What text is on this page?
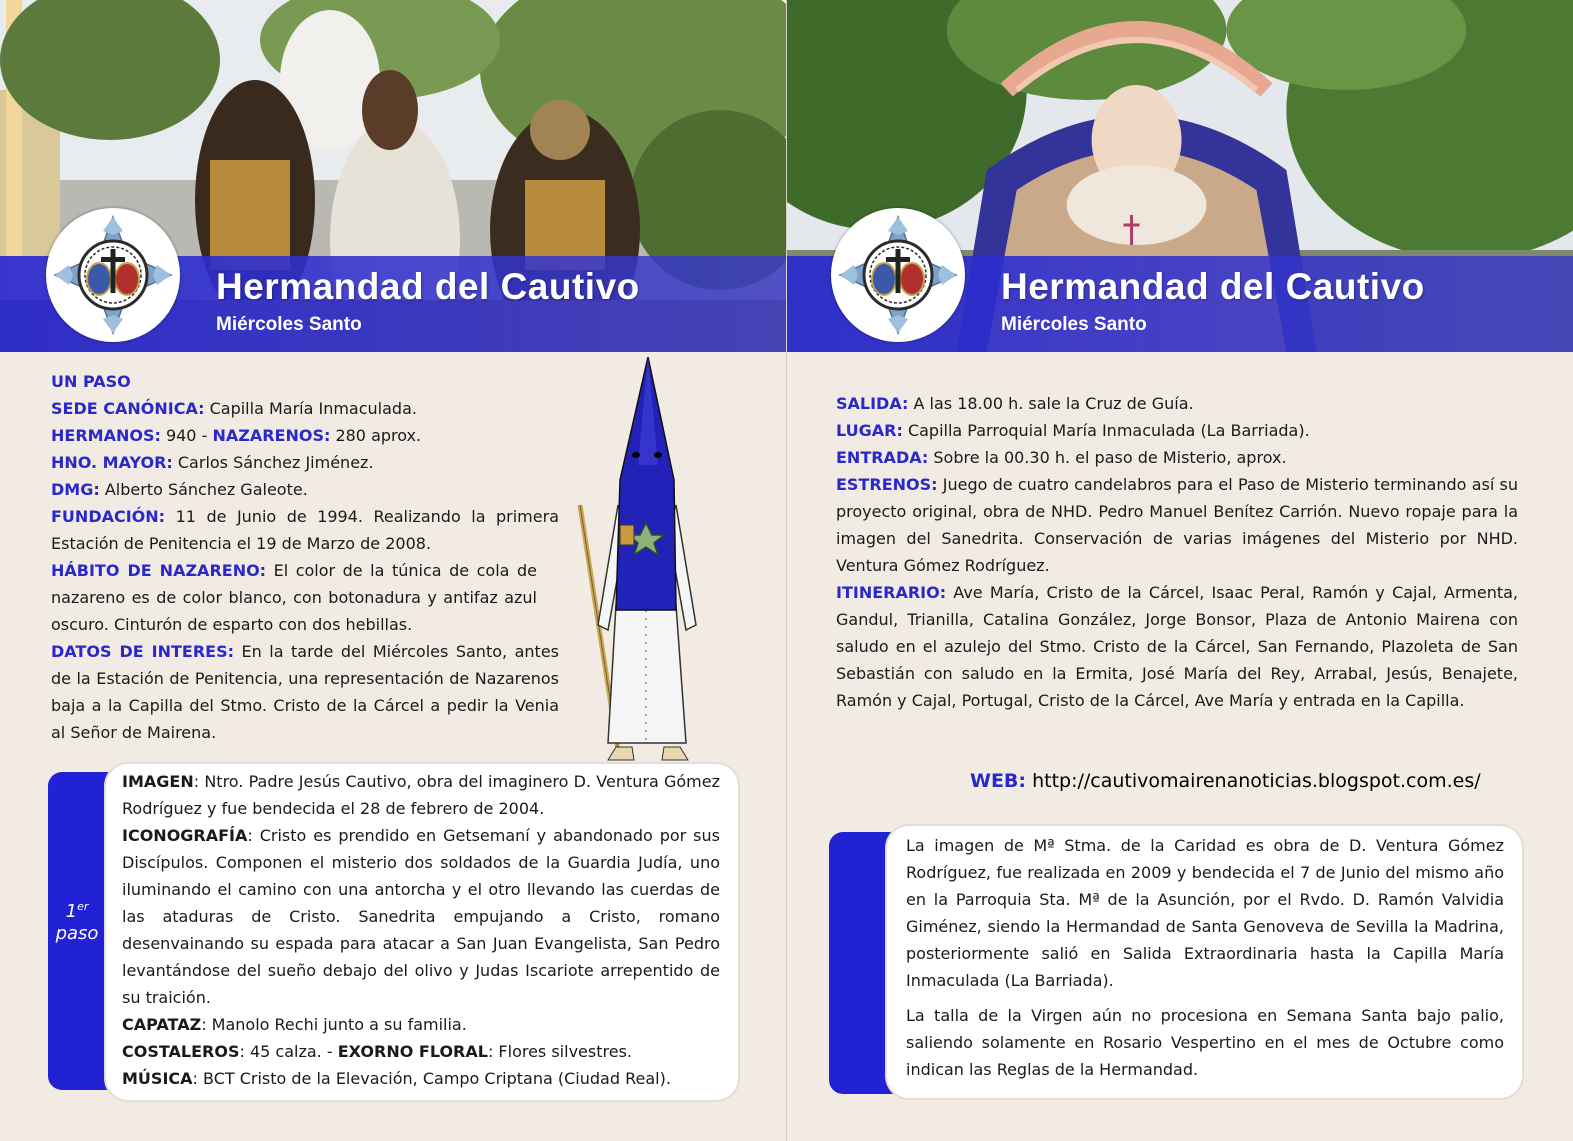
Hermandad del Cautivo
Miércoles Santo

UN PASO

SEDE CANÓNICA: Capilla María Inmaculada.

HERMANOS: 940 - NAZARENOS: 280 aprox.

HNO. MAYOR: Carlos Sánchez Jiménez.

DMG: Alberto Sánchez Galeote.

FUNDACIÓN: 11 de Junio de 1994. Realizando la primera Estación de Penitencia el 19 de Marzo de 2008.

HÁBITO DE NAZARENO: El color de la túnica de cola de nazareno es de color blanco, con botonadura y antifaz azul oscuro. Cinturón de esparto con dos hebillas.

DATOS DE INTERES: En la tarde del Miércoles Santo, antes de la Estación de Penitencia, una representación de Nazarenos baja a la Capilla del Stmo. Cristo de la Cárcel a pedir la Venia al Señor de Mairena.

1er
paso

IMAGEN: Ntro. Padre Jesús Cautivo, obra del imaginero D. Ventura Gómez Rodríguez y fue bendecida el 28 de febrero de 2004.

ICONOGRAFÍA: Cristo es prendido en Getsemaní y abandonado por sus Discípulos. Componen el misterio dos soldados de la Guardia Judía, uno iluminando el camino con una antorcha y el otro llevando las cuerdas de las ataduras de Cristo. Sanedrita empujando a Cristo, romano desenvainando su espada para atacar a San Juan Evangelista, San Pedro levantándose del sueño debajo del olivo y Judas Iscariote arrepentido de su traición.

CAPATAZ: Manolo Rechi junto a su familia.

COSTALEROS: 45 calza. - EXORNO FLORAL: Flores silvestres.

MÚSICA: BCT Cristo de la Elevación, Campo Criptana (Ciudad Real).

Hermandad del Cautivo
Miércoles Santo

SALIDA: A las 18.00 h. sale la Cruz de Guía.

LUGAR: Capilla Parroquial María Inmaculada (La Barriada).

ENTRADA: Sobre la 00.30 h. el paso de Misterio, aprox.

ESTRENOS: Juego de cuatro candelabros para el Paso de Misterio terminando así su proyecto original, obra de NHD. Pedro Manuel Benítez Carrión. Nuevo ropaje para la imagen del Sanedrita. Conservación de varias imágenes del Misterio por NHD. Ventura Gómez Rodríguez.

ITINERARIO: Ave María, Cristo de la Cárcel, Isaac Peral, Ramón y Cajal, Armenta, Gandul, Trianilla, Catalina González, Jorge Bonsor, Plaza de Antonio Mairena con saludo en el azulejo del Stmo. Cristo de la Cárcel, San Fernando, Plazoleta de San Sebastián con saludo en la Ermita, José María del Rey, Arrabal, Jesús, Benajete, Ramón y Cajal, Portugal, Cristo de la Cárcel, Ave María y entrada en la Capilla.

WEB: http://cautivomairenanoticias.blogspot.com.es/

La imagen de Mª Stma. de la Caridad es obra de D. Ventura Gómez Rodríguez, fue realizada en 2009 y bendecida el 7 de Junio del mismo año en la Parroquia Sta. Mª de la Asunción, por el Rvdo. D. Ramón Valvidia Giménez, siendo la Hermandad de Santa Genoveva de Sevilla la Madrina, posteriormente salió en Salida Extraordinaria hasta la Capilla María Inmaculada (La Barriada).

La talla de la Virgen aún no procesiona en Semana Santa bajo palio, saliendo solamente en Rosario Vespertino en el mes de Octubre como indican las Reglas de la Hermandad.
